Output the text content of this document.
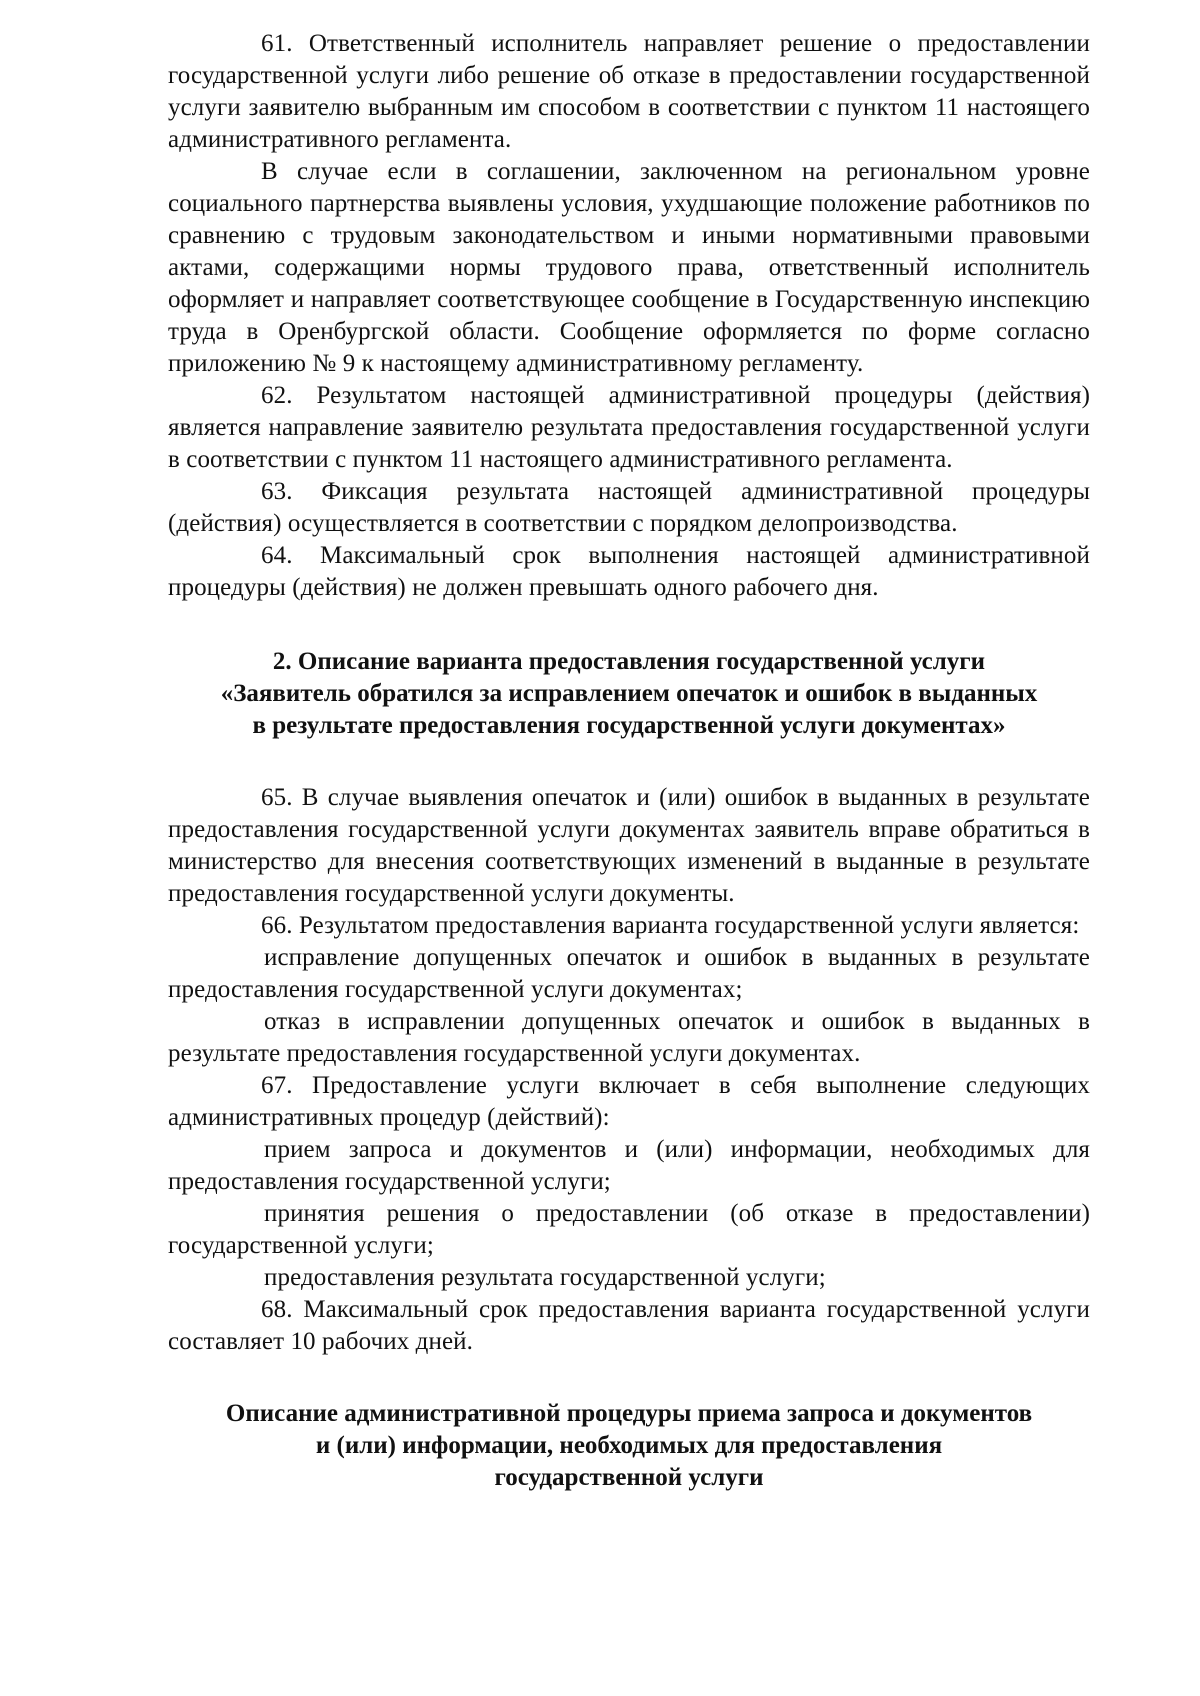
61. Ответственный исполнитель направляет решение о предоставлении государственной услуги либо решение об отказе в предоставлении государственной услуги заявителю выбранным им способом в соответствии с пунктом 11 настоящего административного регламента.

В случае если в соглашении, заключенном на региональном уровне социального партнерства выявлены условия, ухудшающие положение работников по сравнению с трудовым законодательством и иными нормативными правовыми актами, содержащими нормы трудового права, ответственный исполнитель оформляет и направляет соответствующее сообщение в Государственную инспекцию труда в Оренбургской области. Сообщение оформляется по форме согласно приложению № 9 к настоящему административному регламенту.

62. Результатом настоящей административной процедуры (действия) является направление заявителю результата предоставления государственной услуги в соответствии с пунктом 11 настоящего административного регламента.

63. Фиксация результата настоящей административной процедуры (действия) осуществляется в соответствии с порядком делопроизводства.

64. Максимальный срок выполнения настоящей административной процедуры (действия) не должен превышать одного рабочего дня.

2. Описание варианта предоставления государственной услуги
«Заявитель обратился за исправлением опечаток и ошибок в выданных
в результате предоставления государственной услуги документах»

65. В случае выявления опечаток и (или) ошибок в выданных в результате предоставления государственной услуги документах заявитель вправе обратиться в министерство для внесения соответствующих изменений в выданные в результате предоставления государственной услуги документы.

66. Результатом предоставления варианта государственной услуги является:

исправление допущенных опечаток и ошибок в выданных в результате предоставления государственной услуги документах;

отказ в исправлении допущенных опечаток и ошибок в выданных в результате предоставления государственной услуги документах.

67. Предоставление услуги включает в себя выполнение следующих административных процедур (действий):

прием запроса и документов и (или) информации, необходимых для предоставления государственной услуги;

принятия решения о предоставлении (об отказе в предоставлении) государственной услуги;

предоставления результата государственной услуги;

68. Максимальный срок предоставления варианта государственной услуги составляет 10 рабочих дней.

Описание административной процедуры приема запроса и документов
и (или) информации, необходимых для предоставления
государственной услуги
